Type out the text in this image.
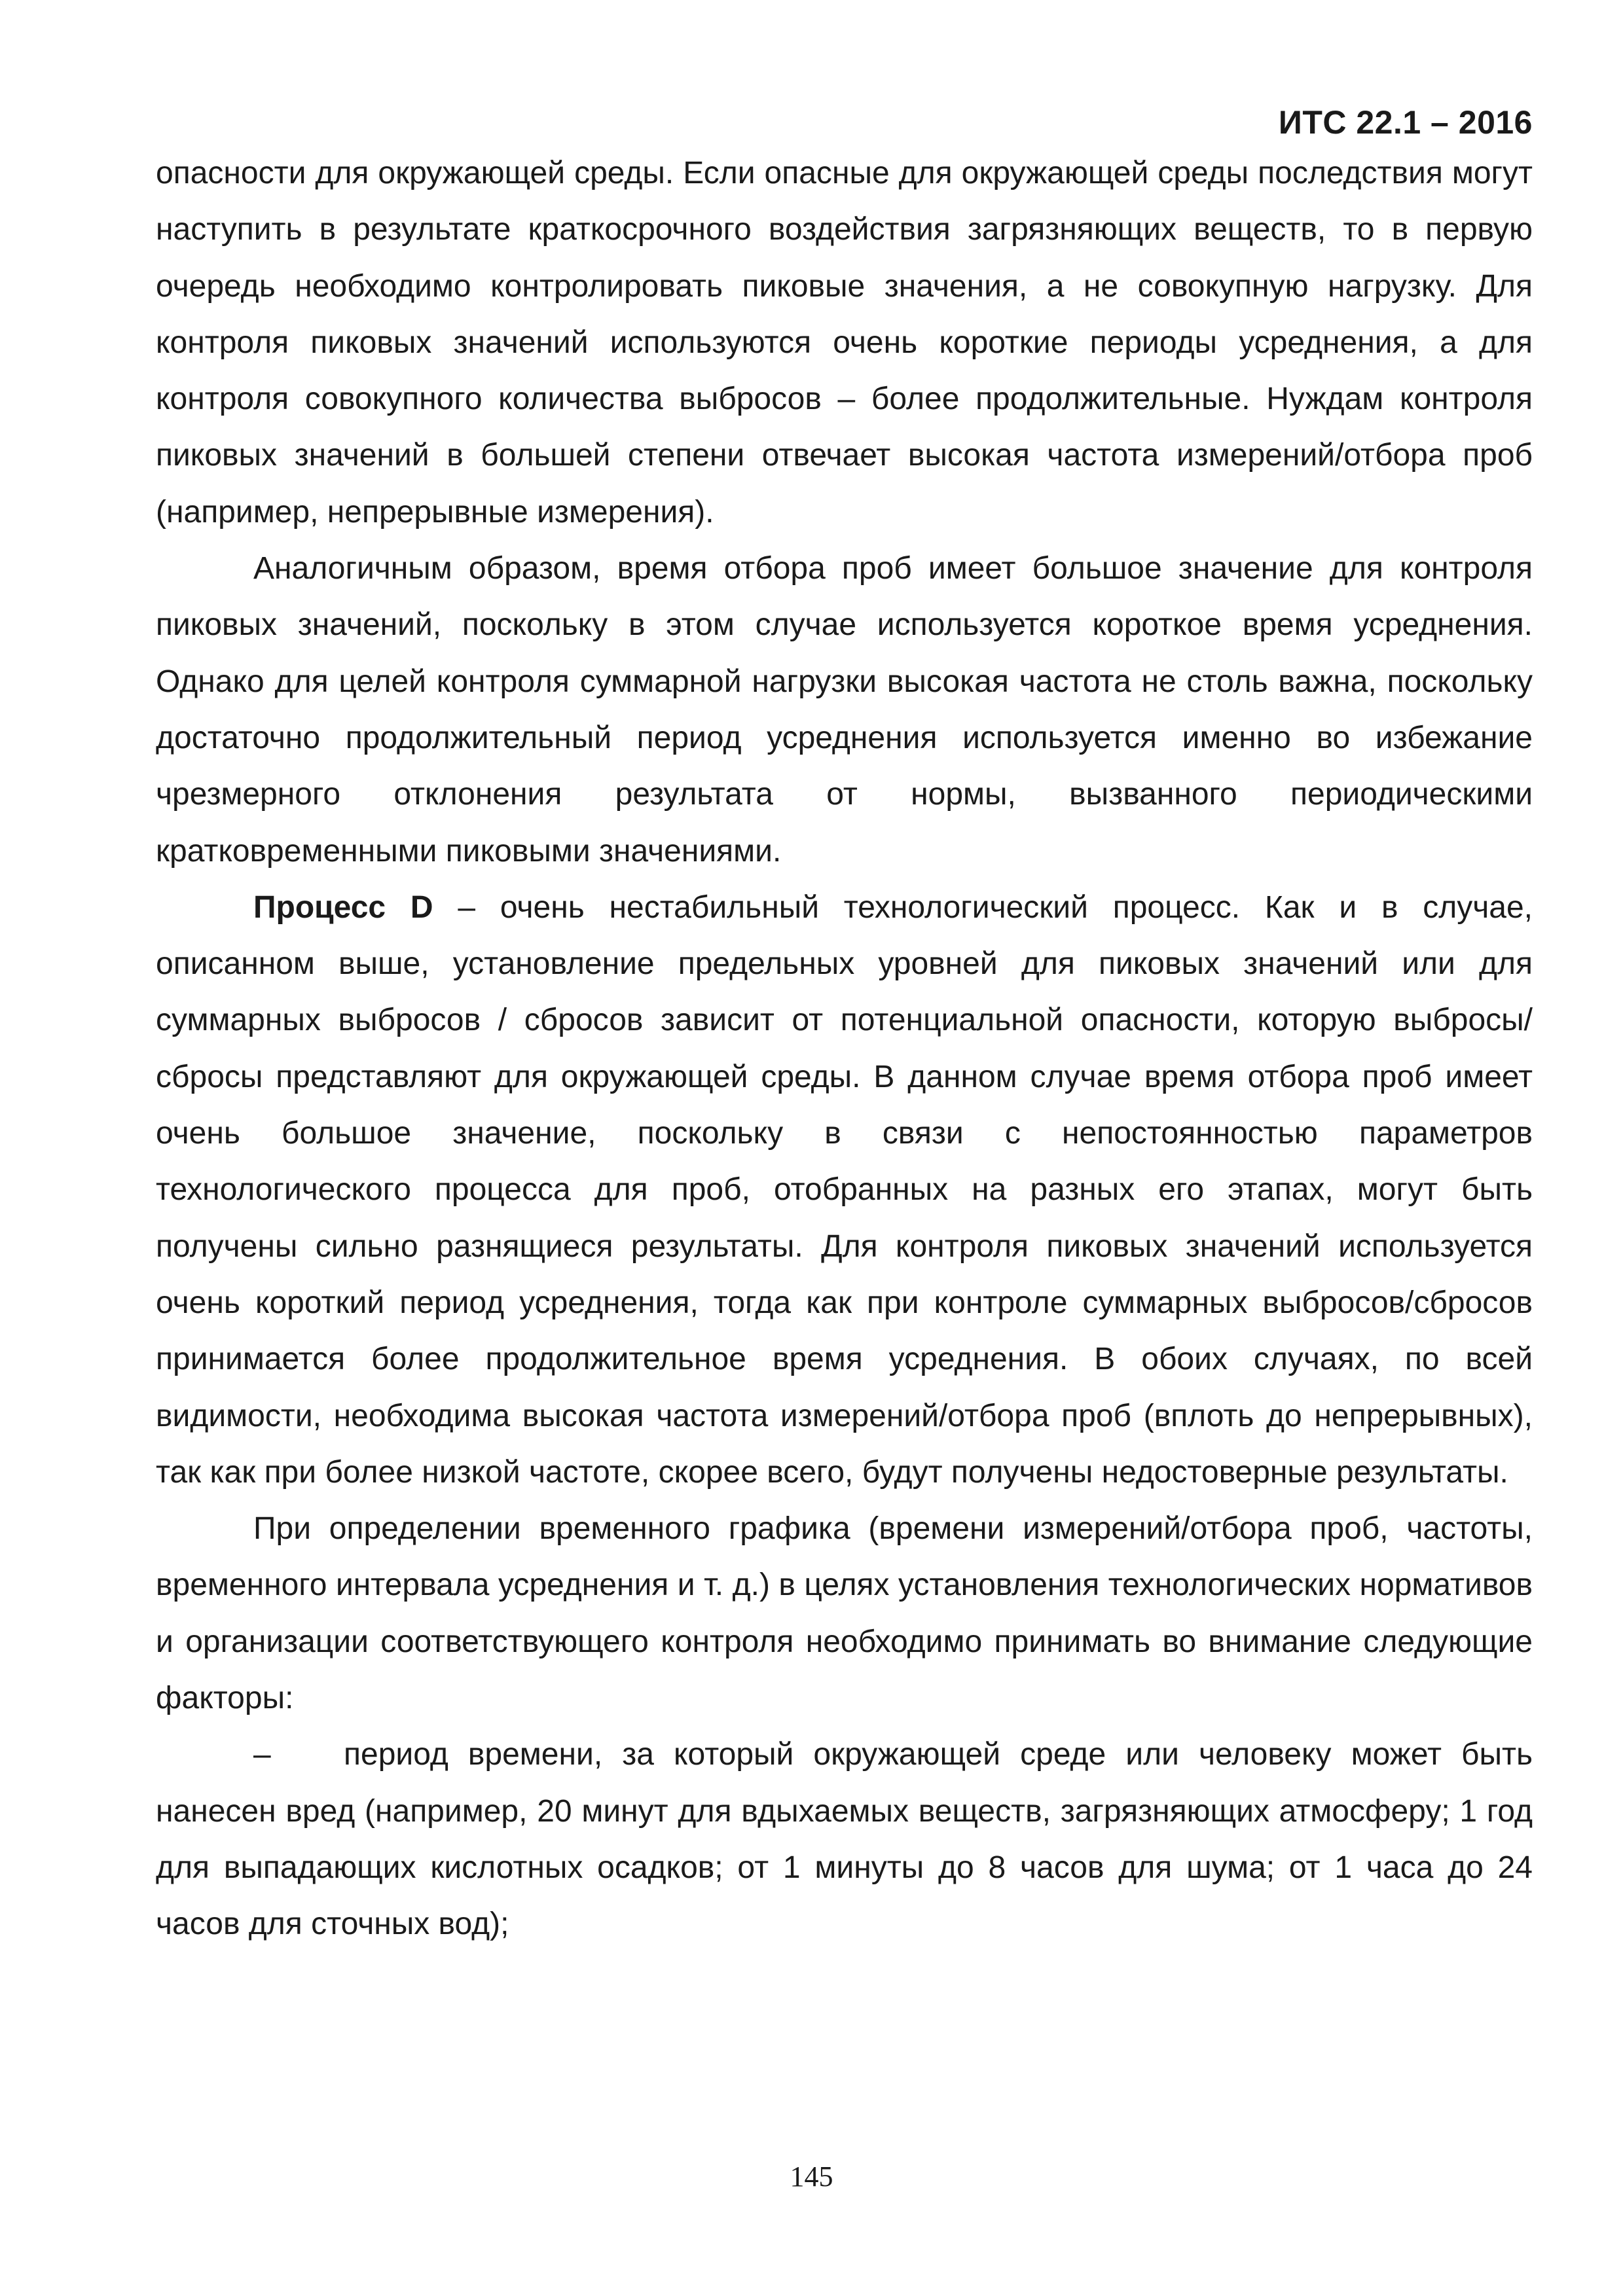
ИТС 22.1 – 2016

опасности для окружающей среды. Если опасные для окружающей среды последствия могут наступить в результате краткосрочного воздействия загрязняющих веществ, то в первую очередь необходимо контролировать пиковые значения, а не совокупную нагрузку. Для контроля пиковых значений используются очень короткие периоды усреднения, а для контроля совокупного количества выбросов – более продолжительные. Нуждам контроля пиковых значений в большей степени отвечает высокая частота измерений/отбора проб (например, непрерывные измерения).

Аналогичным образом, время отбора проб имеет большое значение для контроля пиковых значений, поскольку в этом случае используется короткое время усреднения. Однако для целей контроля суммарной нагрузки высокая частота не столь важна, поскольку достаточно продолжительный период усреднения используется именно во избежание чрезмерного отклонения результата от нормы, вызванного периодическими кратковременными пиковыми значениями.

Процесс D – очень нестабильный технологический процесс. Как и в случае, описанном выше, установление предельных уровней для пиковых значений или для суммарных выбросов / сбросов зависит от потенциальной опасности, которую выбросы/сбросы представляют для окружающей среды. В данном случае время отбора проб имеет очень большое значение, поскольку в связи с непостоянностью параметров технологического процесса для проб, отобранных на разных его этапах, могут быть получены сильно разнящиеся результаты. Для контроля пиковых значений используется очень короткий период усреднения, тогда как при контроле суммарных выбросов/сбросов принимается более продолжительное время усреднения. В обоих случаях, по всей видимости, необходима высокая частота измерений/отбора проб (вплоть до непрерывных), так как при более низкой частоте, скорее всего, будут получены недостоверные результаты.

При определении временного графика (времени измерений/отбора проб, частоты, временного интервала усреднения и т. д.) в целях установления технологических нормативов и организации соответствующего контроля необходимо принимать во внимание следующие факторы:

– период времени, за который окружающей среде или человеку может быть нанесен вред (например, 20 минут для вдыхаемых веществ, загрязняющих атмосферу; 1 год для выпадающих кислотных осадков; от 1 минуты до 8 часов для шума; от 1 часа до 24 часов для сточных вод);

145
